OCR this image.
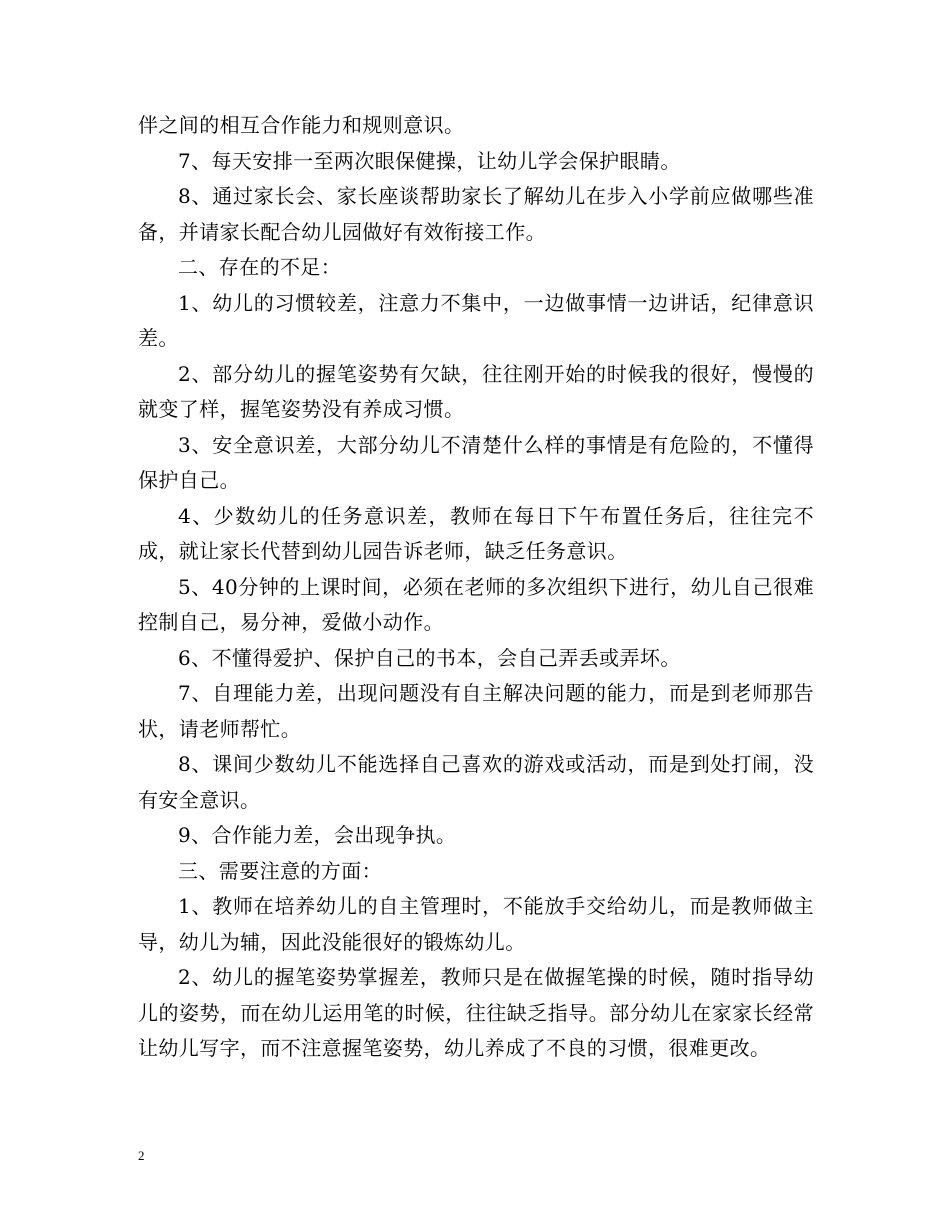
伴之间的相互合作能力和规则意识。

7、每天安排一至两次眼保健操，让幼儿学会保护眼睛。

8、通过家长会、家长座谈帮助家长了解幼儿在步入小学前应做哪些准备，并请家长配合幼儿园做好有效衔接工作。

二、存在的不足：

1、幼儿的习惯较差，注意力不集中，一边做事情一边讲话，纪律意识差。

2、部分幼儿的握笔姿势有欠缺，往往刚开始的时候我的很好，慢慢的就变了样，握笔姿势没有养成习惯。

3、安全意识差，大部分幼儿不清楚什么样的事情是有危险的，不懂得保护自己。

4、少数幼儿的任务意识差，教师在每日下午布置任务后，往往完不成，就让家长代替到幼儿园告诉老师，缺乏任务意识。

5、40分钟的上课时间，必须在老师的多次组织下进行，幼儿自己很难控制自己，易分神，爱做小动作。

6、不懂得爱护、保护自己的书本，会自己弄丢或弄坏。

7、自理能力差，出现问题没有自主解决问题的能力，而是到老师那告状，请老师帮忙。

8、课间少数幼儿不能选择自己喜欢的游戏或活动，而是到处打闹，没有安全意识。

9、合作能力差，会出现争执。

三、需要注意的方面：

1、教师在培养幼儿的自主管理时，不能放手交给幼儿，而是教师做主导，幼儿为辅，因此没能很好的锻炼幼儿。

2、幼儿的握笔姿势掌握差，教师只是在做握笔操的时候，随时指导幼儿的姿势，而在幼儿运用笔的时候，往往缺乏指导。部分幼儿在家家长经常让幼儿写字，而不注意握笔姿势，幼儿养成了不良的习惯，很难更改。

2
